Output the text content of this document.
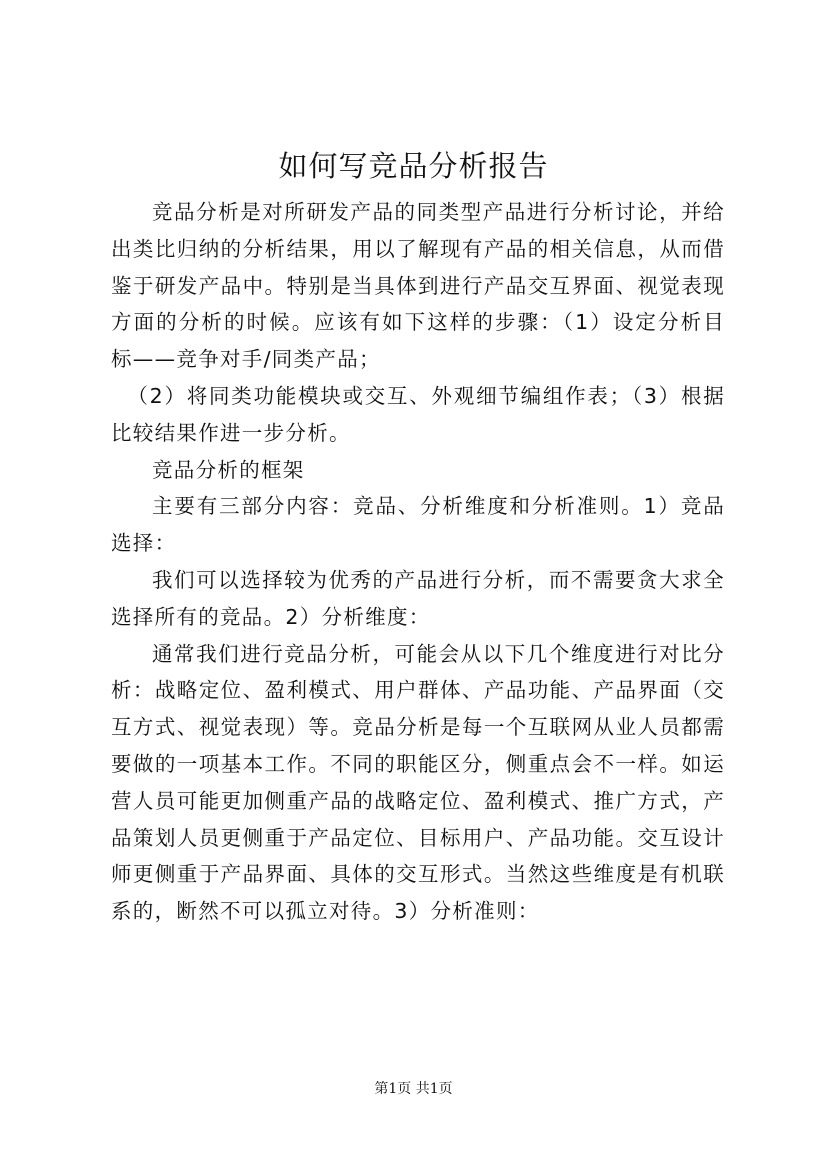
如何写竞品分析报告

竞品分析是对所研发产品的同类型产品进行分析讨论，并给出类比归纳的分析结果，用以了解现有产品的相关信息，从而借鉴于研发产品中。特别是当具体到进行产品交互界面、视觉表现方面的分析的时候。应该有如下这样的步骤：（1）设定分析目标——竞争对手/同类产品；

（2）将同类功能模块或交互、外观细节编组作表；（3）根据比较结果作进一步分析。

竞品分析的框架

主要有三部分内容：竞品、分析维度和分析准则。1）竞品选择：

我们可以选择较为优秀的产品进行分析，而不需要贪大求全选择所有的竞品。2）分析维度：

通常我们进行竞品分析，可能会从以下几个维度进行对比分析：战略定位、盈利模式、用户群体、产品功能、产品界面（交互方式、视觉表现）等。竞品分析是每一个互联网从业人员都需要做的一项基本工作。不同的职能区分，侧重点会不一样。如运营人员可能更加侧重产品的战略定位、盈利模式、推广方式，产品策划人员更侧重于产品定位、目标用户、产品功能。交互设计师更侧重于产品界面、具体的交互形式。当然这些维度是有机联系的，断然不可以孤立对待。3）分析准则：

第1页 共1页
